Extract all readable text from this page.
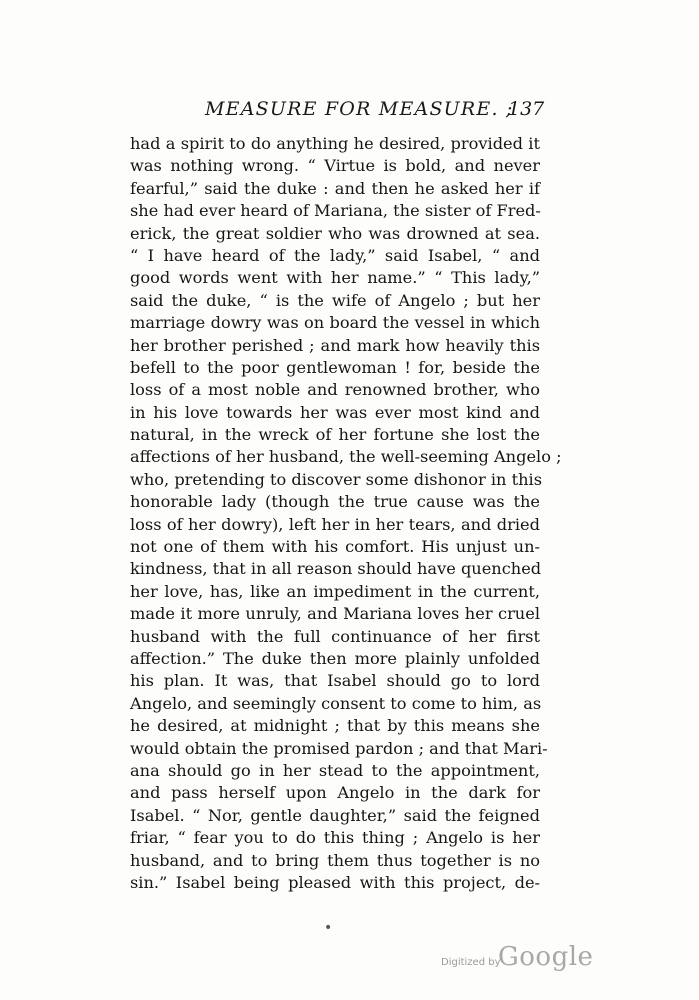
MEASURE FOR MEASURE. ;
137
had a spirit to do anything he desired, provided it
was nothing wrong. “ Virtue is bold, and never
fearful,” said the duke : and then he asked her if
she had ever heard of Mariana, the sister of Fred-
erick, the great soldier who was drowned at sea.
“ I have heard of the lady,” said Isabel, “ and
good words went with her name.” “ This lady,”
said the duke, “ is the wife of Angelo ; but her
marriage dowry was on board the vessel in which
her brother perished ; and mark how heavily this
befell to the poor gentlewoman ! for, beside the
loss of a most noble and renowned brother, who
in his love towards her was ever most kind and
natural, in the wreck of her fortune she lost the
affections of her husband, the well-seeming Angelo ;
who, pretending to discover some dishonor in this
honorable lady (though the true cause was the
loss of her dowry), left her in her tears, and dried
not one of them with his comfort. His unjust un-
kindness, that in all reason should have quenched
her love, has, like an impediment in the current,
made it more unruly, and Mariana loves her cruel
husband with the full continuance of her first
affection.” The duke then more plainly unfolded
his plan. It was, that Isabel should go to lord
Angelo, and seemingly consent to come to him, as
he desired, at midnight ; that by this means she
would obtain the promised pardon ; and that Mari-
ana should go in her stead to the appointment,
and pass herself upon Angelo in the dark for
Isabel. “ Nor, gentle daughter,” said the feigned
friar, “ fear you to do this thing ; Angelo is her
husband, and to bring them thus together is no
sin.” Isabel being pleased with this project, de-
•
Digitized by
Google
